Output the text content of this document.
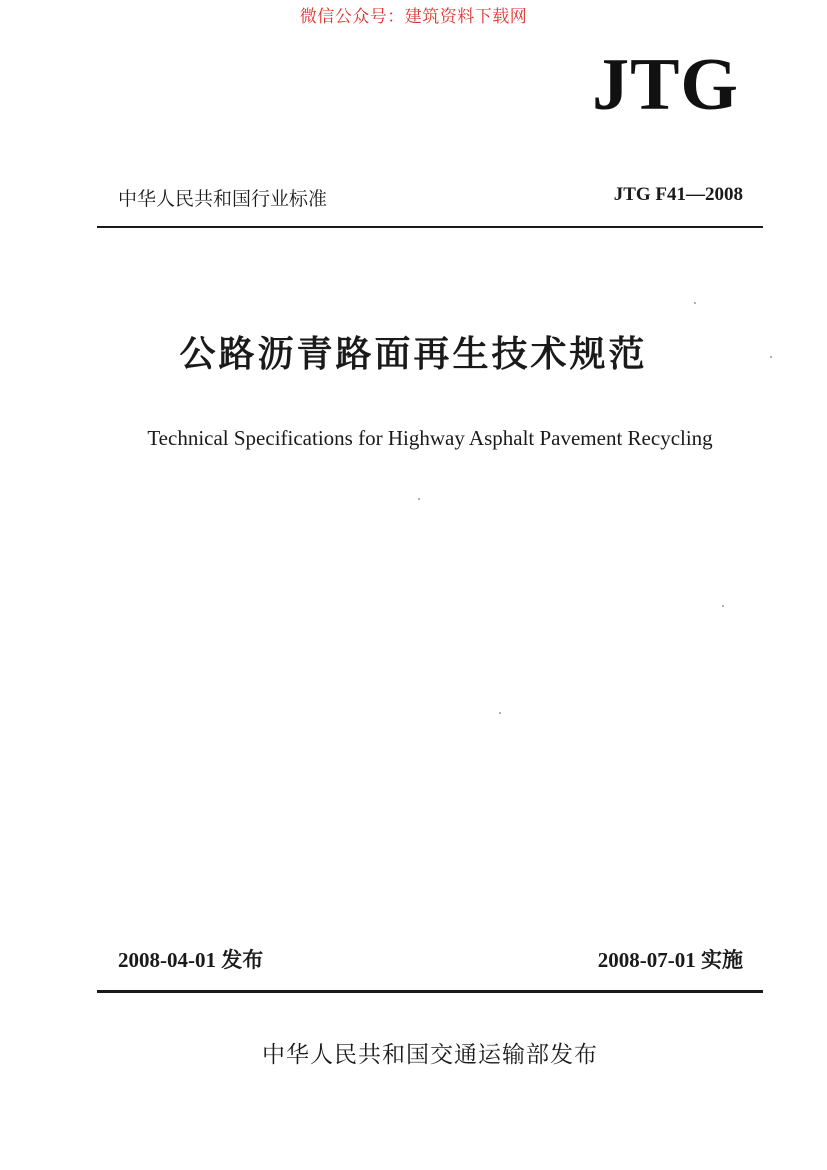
微信公众号：建筑资料下载网
JTG
中华人民共和国行业标准	JTG F41—2008
公路沥青路面再生技术规范
Technical Specifications for Highway Asphalt Pavement Recycling
2008-04-01 发布	2008-07-01 实施
中华人民共和国交通运输部发布
